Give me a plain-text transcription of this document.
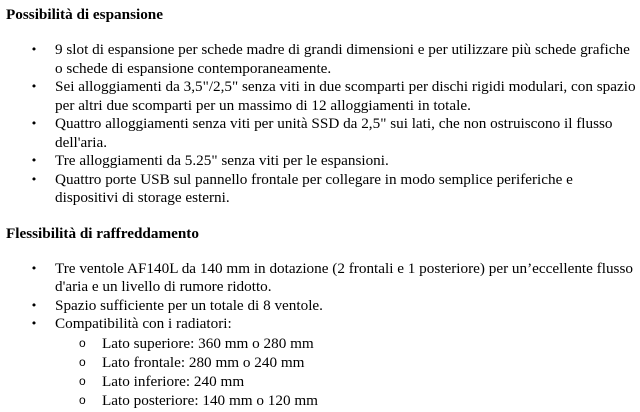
Possibilità di espansione
• 9 slot di espansione per schede madre di grandi dimensioni e per utilizzare più schede grafiche o schede di espansione contemporaneamente.
• Sei alloggiamenti da 3,5"/2,5" senza viti in due scomparti per dischi rigidi modulari, con spazio per altri due scomparti per un massimo di 12 alloggiamenti in totale.
• Quattro alloggiamenti senza viti per unità SSD da 2,5" sui lati, che non ostruiscono il flusso dell'aria.
• Tre alloggiamenti da 5.25" senza viti per le espansioni.
• Quattro porte USB sul pannello frontale per collegare in modo semplice periferiche e dispositivi di storage esterni.
Flessibilità di raffreddamento
• Tre ventole AF140L da 140 mm in dotazione (2 frontali e 1 posteriore) per un’eccellente flusso d'aria e un livello di rumore ridotto.
• Spazio sufficiente per un totale di 8 ventole.
• Compatibilità con i radiatori:
o Lato superiore: 360 mm o 280 mm
o Lato frontale: 280 mm o 240 mm
o Lato inferiore: 240 mm
o Lato posteriore: 140 mm o 120 mm
